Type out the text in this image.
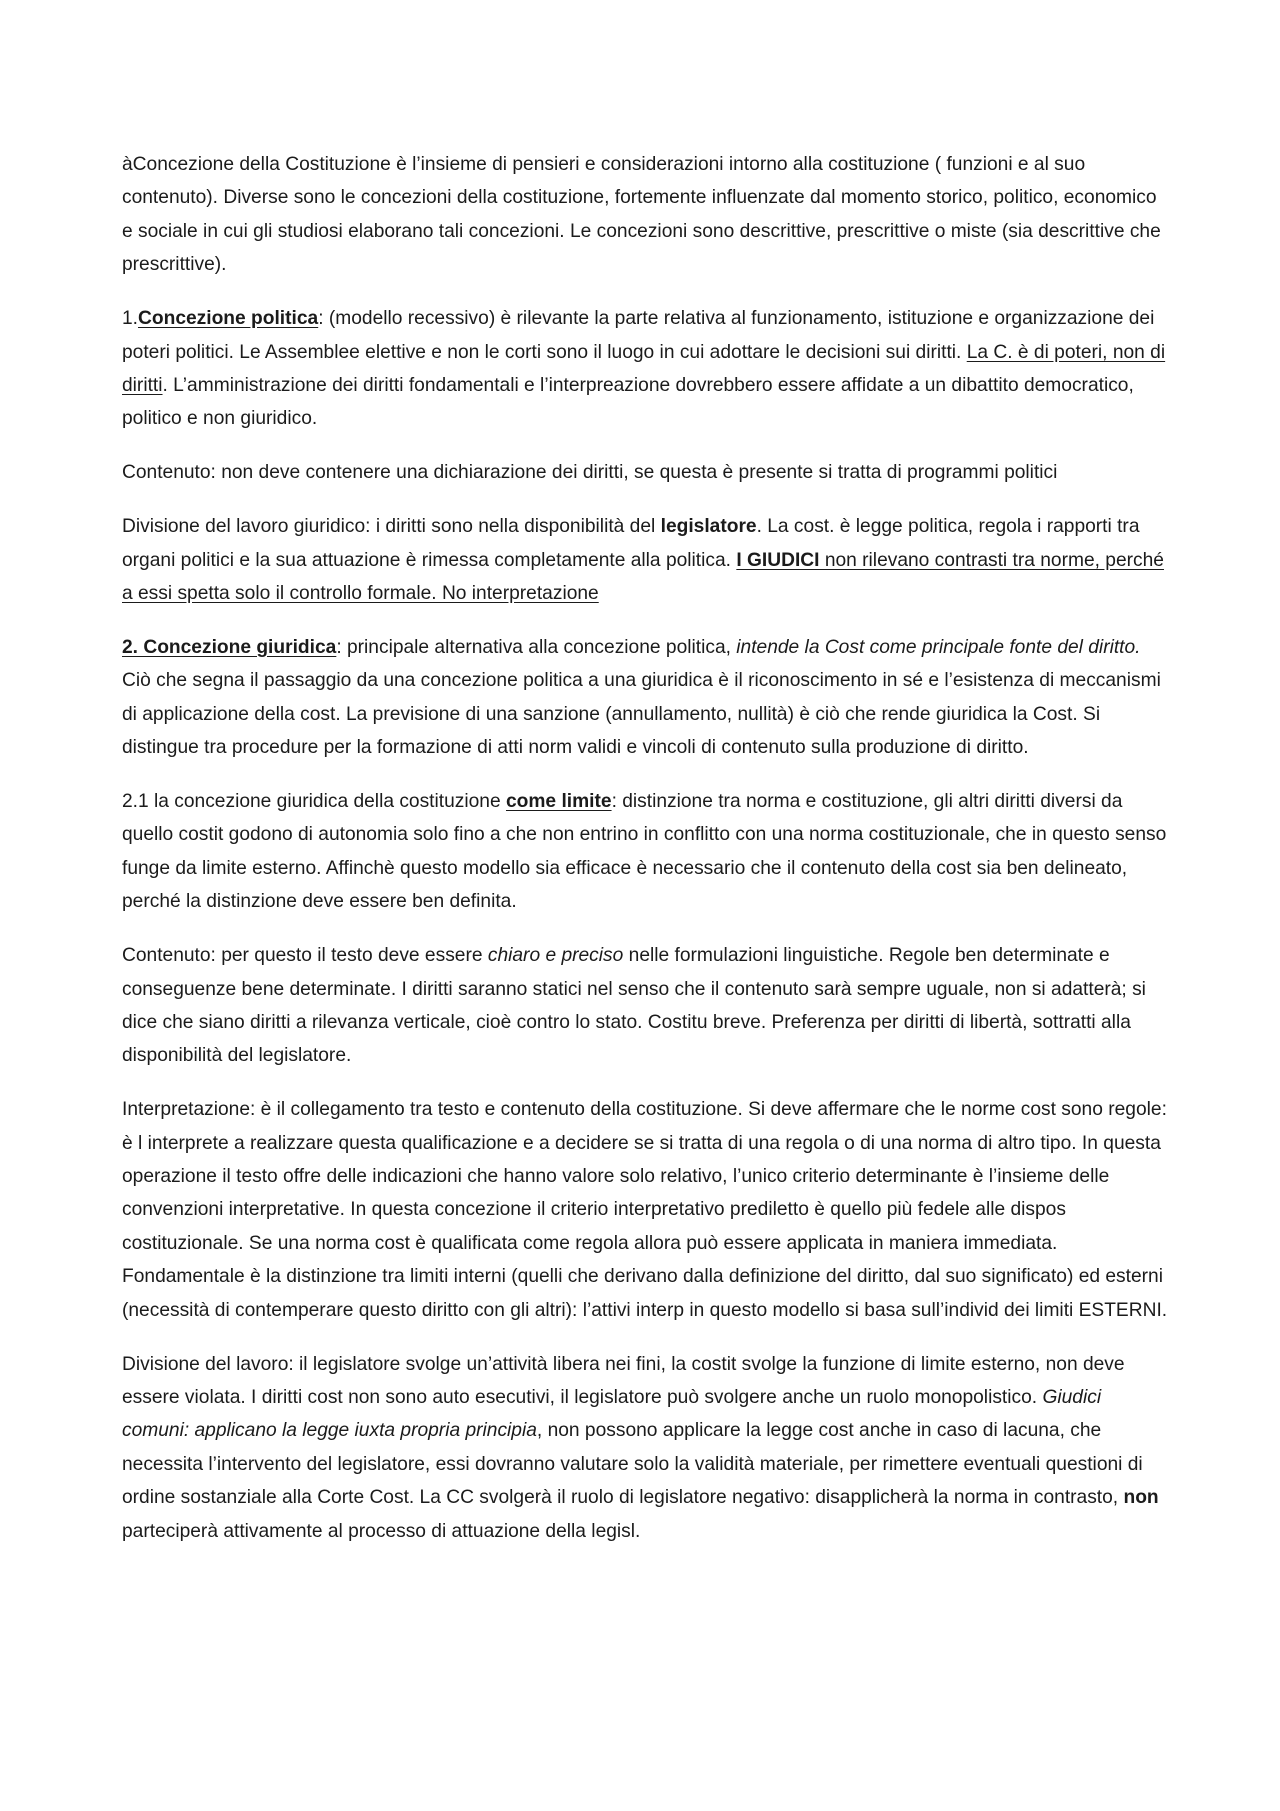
àConcezione della Costituzione è l’insieme di pensieri e considerazioni intorno alla costituzione ( funzioni e al suo contenuto). Diverse sono le concezioni della costituzione, fortemente influenzate dal momento storico, politico, economico e sociale in cui gli studiosi elaborano tali concezioni. Le concezioni sono descrittive, prescrittive o miste (sia descrittive che prescrittive).

1.Concezione politica: (modello recessivo) è rilevante la parte relativa al funzionamento, istituzione e organizzazione dei poteri politici. Le Assemblee elettive e non le corti sono il luogo in cui adottare le decisioni sui diritti. La C. è di poteri, non di diritti. L’amministrazione dei diritti fondamentali e l’interpreazione dovrebbero essere affidate a un dibattito democratico, politico e non giuridico.

Contenuto: non deve contenere una dichiarazione dei diritti, se questa è presente si tratta di programmi politici

Divisione del lavoro giuridico: i diritti sono nella disponibilità del legislatore. La cost. è legge politica, regola i rapporti tra organi politici e la sua attuazione è rimessa completamente alla politica. I GIUDICI non rilevano contrasti tra norme, perché a essi spetta solo il controllo formale. No interpretazione

2. Concezione giuridica: principale alternativa alla concezione politica, intende la Cost come principale fonte del diritto. Ciò che segna il passaggio da una concezione politica a una giuridica è il riconoscimento in sé e l’esistenza di meccanismi di applicazione della cost. La previsione di una sanzione (annullamento, nullità) è ciò che rende giuridica la Cost. Si distingue tra procedure per la formazione di atti norm validi e vincoli di contenuto sulla produzione di diritto.

2.1 la concezione giuridica della costituzione come limite: distinzione tra norma e costituzione, gli altri diritti diversi da quello costit godono di autonomia solo fino a che non entrino in conflitto con una norma costituzionale, che in questo senso funge da limite esterno. Affinchè questo modello sia efficace è necessario che il contenuto della cost sia ben delineato, perché la distinzione deve essere ben definita.

Contenuto: per questo il testo deve essere chiaro e preciso nelle formulazioni linguistiche. Regole ben determinate e conseguenze bene determinate. I diritti saranno statici nel senso che il contenuto sarà sempre uguale, non si adatterà; si dice che siano diritti a rilevanza verticale, cioè contro lo stato. Costitu breve. Preferenza per diritti di libertà, sottratti alla disponibilità del legislatore.

Interpretazione: è il collegamento tra testo e contenuto della costituzione. Si deve affermare che le norme cost sono regole: è l interprete a realizzare questa qualificazione e a decidere se si tratta di una regola o di una norma di altro tipo. In questa operazione il testo offre delle indicazioni che hanno valore solo relativo, l’unico criterio determinante è l’insieme delle convenzioni interpretative. In questa concezione il criterio interpretativo prediletto è quello più fedele alle dispos costituzionale. Se una norma cost è qualificata come regola allora può essere applicata in maniera immediata. Fondamentale è la distinzione tra limiti interni (quelli che derivano dalla definizione del diritto, dal suo significato) ed esterni (necessità di contemperare questo diritto con gli altri): l’attivi interp in questo modello si basa sull’individ dei limiti ESTERNI.

Divisione del lavoro: il legislatore svolge un’attività libera nei fini, la costit svolge la funzione di limite esterno, non deve essere violata. I diritti cost non sono auto esecutivi, il legislatore può svolgere anche un ruolo monopolistico. Giudici comuni: applicano la legge iuxta propria principia, non possono applicare la legge cost anche in caso di lacuna, che necessita l’intervento del legislatore, essi dovranno valutare solo la validità materiale, per rimettere eventuali questioni di ordine sostanziale alla Corte Cost. La CC svolgerà il ruolo di legislatore negativo: disapplicherà la norma in contrasto, non parteciperà attivamente al processo di attuazione della legisl.
